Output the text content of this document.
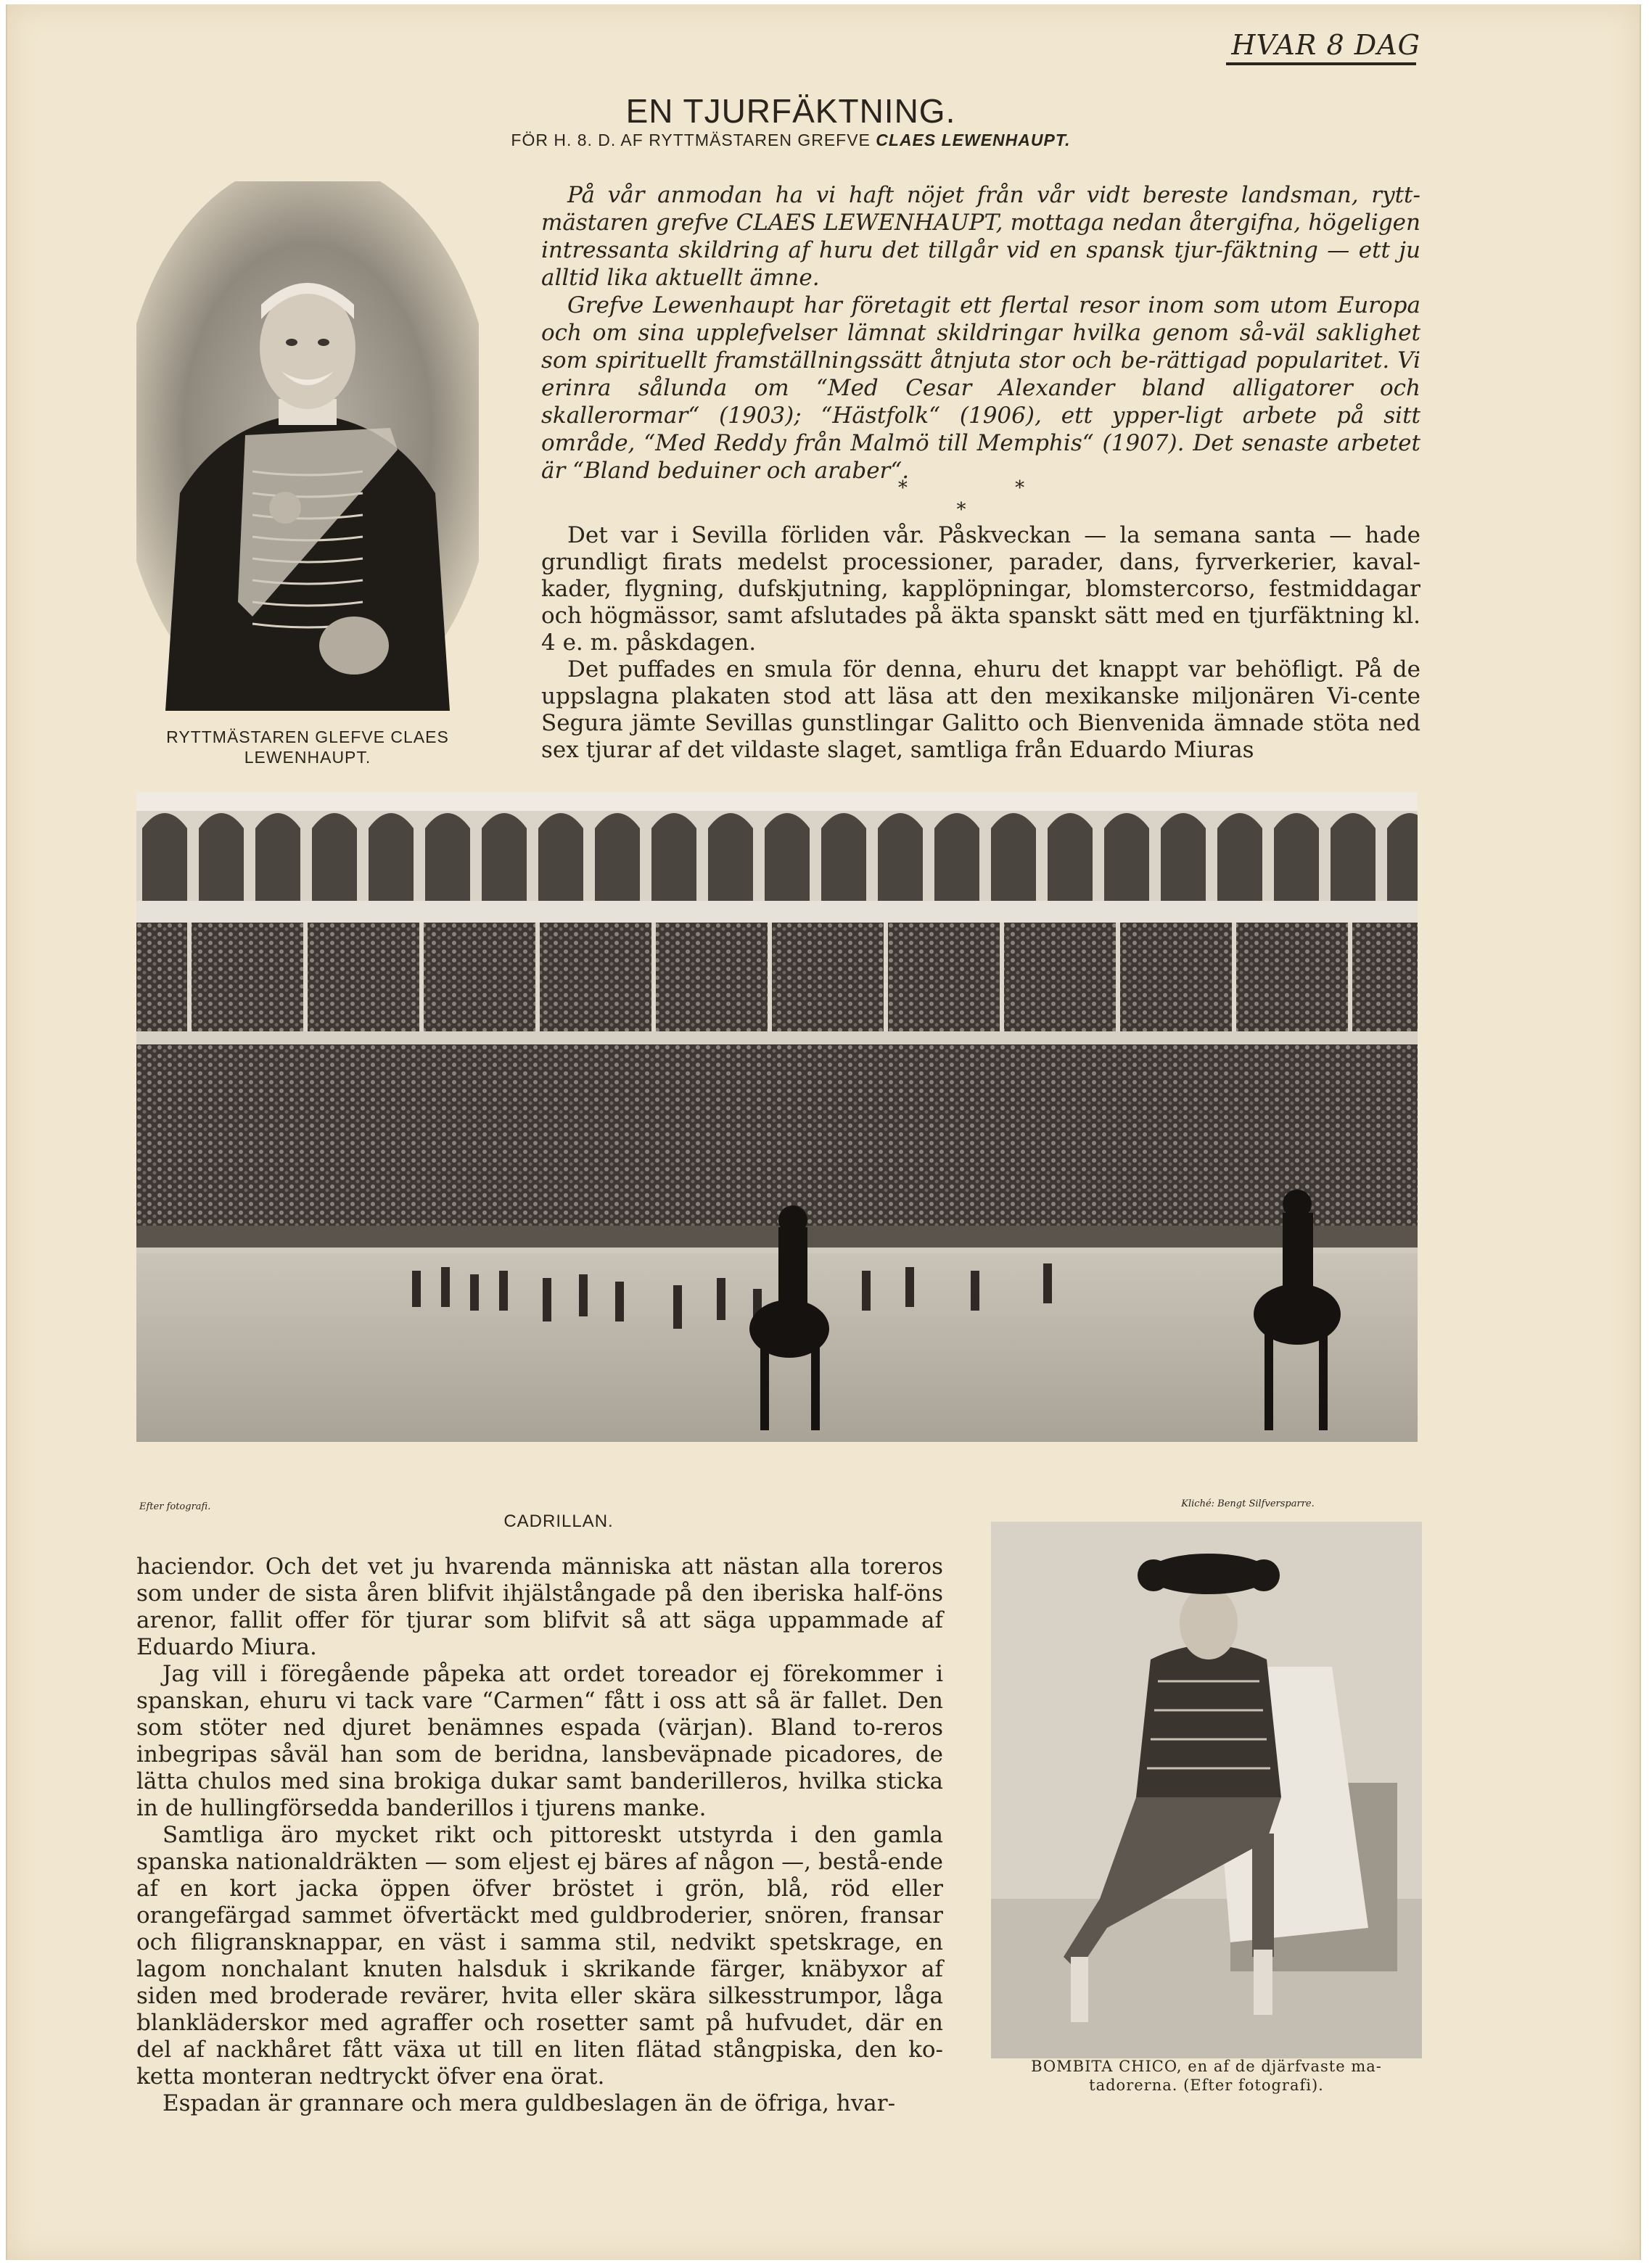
HVAR 8 DAG
EN TJURFÄKTNING.
FÖR H. 8. D. AF RYTTMÄSTAREN GREFVE CLAES LEWENHAUPT.
RYTTMÄSTAREN GLEFVE CLAES
LEWENHAUPT.

På vår anmodan ha vi haft nöjet från vår vidt bereste landsman, rytt-mästaren grefve CLAES LEWENHAUPT, mottaga nedan återgifna, högeligen intressanta skildring af huru det tillgår vid en spansk tjur-fäktning — ett ju alltid lika aktuellt ämne.

Grefve Lewenhaupt har företagit ett flertal resor inom som utom Europa och om sina upplefvelser lämnat skildringar hvilka genom så-väl saklighet som spirituellt framställningssätt åtnjuta stor och be-rättigad popularitet. Vi erinra sålunda om “Med Cesar Alexander bland alligatorer och skallerormar“ (1903); “Hästfolk“ (1906), ett ypper-ligt arbete på sitt område, “Med Reddy från Malmö till Memphis“ (1907). Det senaste arbetet är “Bland beduiner och araber“.

* * *

Det var i Sevilla förliden vår. Påskveckan — la semana santa — hade grundligt firats medelst processioner, parader, dans, fyrverkerier, kaval-kader, flygning, dufskjutning, kapplöpningar, blomstercorso, festmiddagar och högmässor, samt afslutades på äkta spanskt sätt med en tjurfäktning kl. 4 e. m. påskdagen.

Det puffades en smula för denna, ehuru det knappt var behöfligt. På de uppslagna plakaten stod att läsa att den mexikanske miljonären Vi-cente Segura jämte Sevillas gunstlingar Galitto och Bienvenida ämnade stöta ned sex tjurar af det vildaste slaget, samtliga från Eduardo Miuras

Efter fotografi.
CADRILLAN.
Kliché: Bengt Silfversparre.

haciendor. Och det vet ju hvarenda människa att nästan alla toreros som under de sista åren blifvit ihjälstångade på den iberiska half-öns arenor, fallit offer för tjurar som blifvit så att säga uppammade af Eduardo Miura.

Jag vill i föregående påpeka att ordet toreador ej förekommer i spanskan, ehuru vi tack vare “Carmen“ fått i oss att så är fallet. Den som stöter ned djuret benämnes espada (värjan). Bland to-reros inbegripas såväl han som de beridna, lansbeväpnade picadores, de lätta chulos med sina brokiga dukar samt banderilleros, hvilka sticka in de hullingförsedda banderillos i tjurens manke.

Samtliga äro mycket rikt och pittoreskt utstyrda i den gamla spanska nationaldräkten — som eljest ej bäres af någon —, bestå-ende af en kort jacka öppen öfver bröstet i grön, blå, röd eller orangefärgad sammet öfvertäckt med guldbroderier, snören, fransar och filigransknappar, en väst i samma stil, nedvikt spetskrage, en lagom nonchalant knuten halsduk i skrikande färger, knäbyxor af siden med broderade revärer, hvita eller skära silkesstrumpor, låga blankläderskor med agraffer och rosetter samt på hufvudet, där en del af nackhåret fått växa ut till en liten flätad stångpiska, den ko-ketta monteran nedtryckt öfver ena örat.

Espadan är grannare och mera guldbeslagen än de öfriga, hvar-

BOMBITA CHICO, en af de djärfvaste ma-
tadorerna. (Efter fotografi).
